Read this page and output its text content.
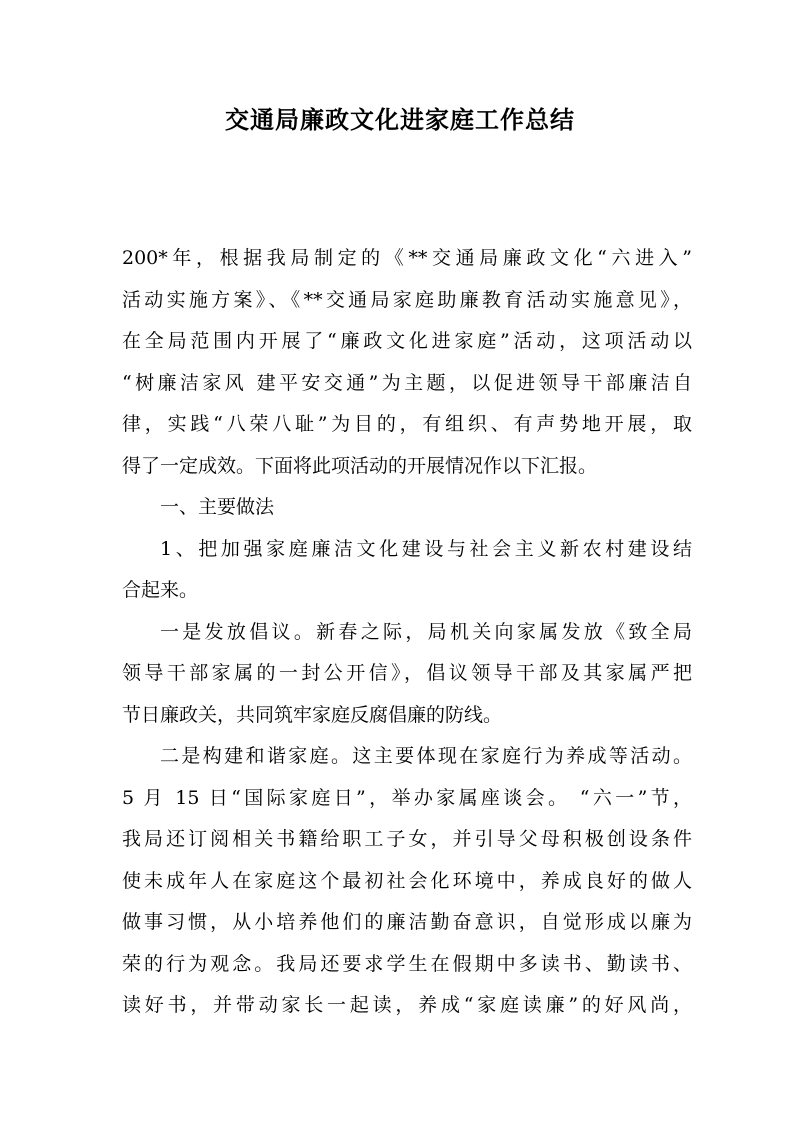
交通局廉政文化进家庭工作总结
200*年，根据我局制定的《**交通局廉政文化“六进入”
活动实施方案》、《**交通局家庭助廉教育活动实施意见》，
在全局范围内开展了“廉政文化进家庭”活动，这项活动以
“树廉洁家风 建平安交通”为主题，以促进领导干部廉洁自
律，实践“八荣八耻”为目的，有组织、有声势地开展，取
得了一定成效。下面将此项活动的开展情况作以下汇报。
一、主要做法
1、把加强家庭廉洁文化建设与社会主义新农村建设结
合起来。
一是发放倡议。新春之际，局机关向家属发放《致全局
领导干部家属的一封公开信》，倡议领导干部及其家属严把
节日廉政关，共同筑牢家庭反腐倡廉的防线。
二是构建和谐家庭。这主要体现在家庭行为养成等活动。
5 月 15 日“国际家庭日”，举办家属座谈会。 “六一”节，
我局还订阅相关书籍给职工子女，并引导父母积极创设条件
使未成年人在家庭这个最初社会化环境中，养成良好的做人
做事习惯，从小培养他们的廉洁勤奋意识，自觉形成以廉为
荣的行为观念。我局还要求学生在假期中多读书、勤读书、
读好书，并带动家长一起读，养成“家庭读廉”的好风尚，
